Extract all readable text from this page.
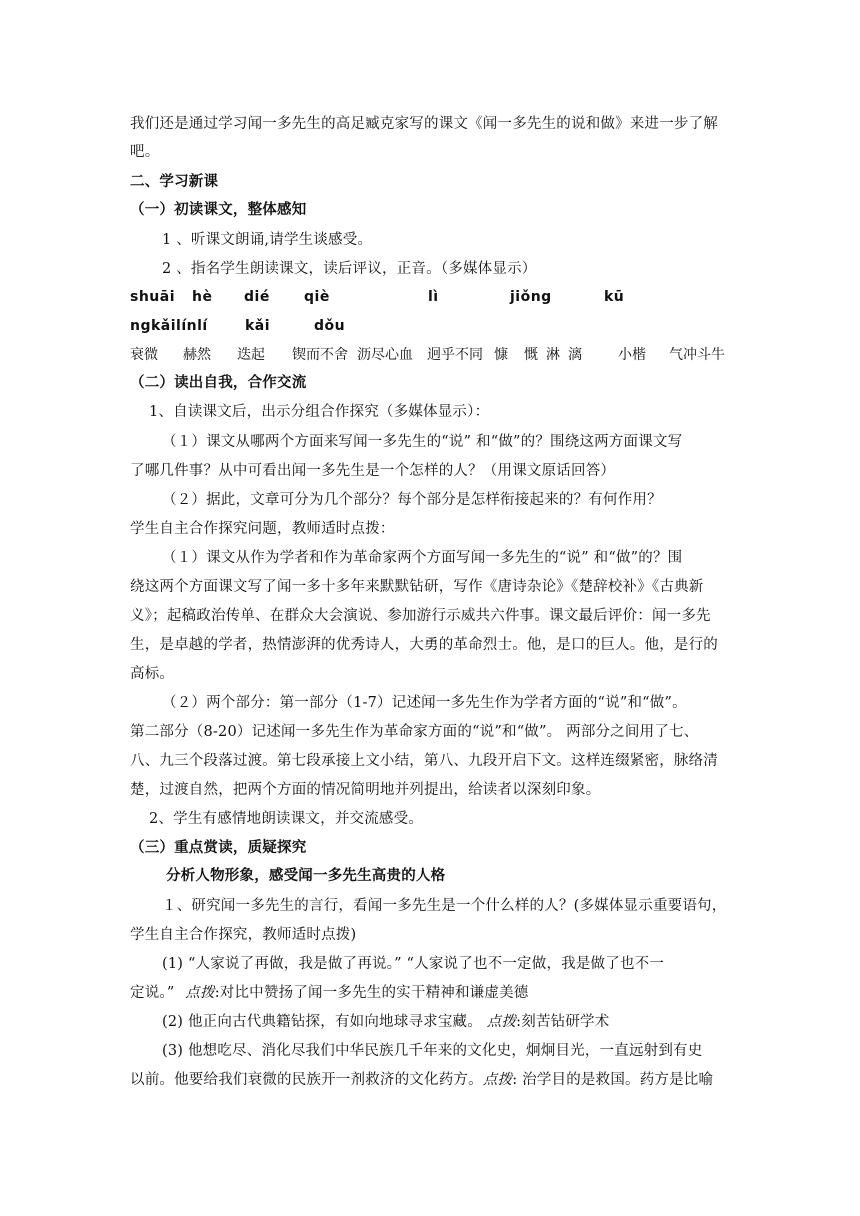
我们还是通过学习闻一多先生的高足臧克家写的课文《闻一多先生的说和做》来进一步了解
吧。
二、学习新课
（一）初读课文，整体感知
1 、听课文朗诵,请学生谈感受。
2 、指名学生朗读课文，读后评议，正音。（多媒体显示）
shuāi hè dié qiè	lì	jiǒng	kū
ngkǎilínlí	kǎi	dǒu
衰微 赫然 迭起 锲而不舍 沥尽心血 迥乎不同 慷 慨 淋 漓	小楷 气冲斗牛
（二）读出自我，合作交流
1、自读课文后，出示分组合作探究（多媒体显示）：
（１）课文从哪两个方面来写闻一多先生的“说” 和“做”的？围绕这两方面课文写
了哪几件事？从中可看出闻一多先生是一个怎样的人？（用课文原话回答）
（２）据此，文章可分为几个部分？每个部分是怎样衔接起来的？有何作用？
学生自主合作探究问题，教师适时点拨：
（１）课文从作为学者和作为革命家两个方面写闻一多先生的“说” 和“做”的？围
绕这两个方面课文写了闻一多十多年来默默钻研，写作《唐诗杂论》《楚辞校补》《古典新
义》；起稿政治传单、在群众大会演说、参加游行示威共六件事。课文最后评价：闻一多先
生，是卓越的学者，热情澎湃的优秀诗人，大勇的革命烈士。他，是口的巨人。他，是行的
高标。
（２）两个部分：第一部分（1-7）记述闻一多先生作为学者方面的“说”和“做”。
第二部分（8-20）记述闻一多先生作为革命家方面的“说”和“做”。 两部分之间用了七、
八、九三个段落过渡。第七段承接上文小结，第八、九段开启下文。这样连缀紧密，脉络清
楚，过渡自然，把两个方面的情况简明地并列提出，给读者以深刻印象。
2、学生有感情地朗读课文，并交流感受。
（三）重点赏读，质疑探究
分析人物形象，感受闻一多先生高贵的人格
１、研究闻一多先生的言行，看闻一多先生是一个什么样的人？(多媒体显示重要语句，
学生自主合作探究，教师适时点拨)
(1) “人家说了再做，我是做了再说。” “人家说了也不一定做，我是做了也不一
定说。” 点拨:对比中赞扬了闻一多先生的实干精神和谦虚美德
(2) 他正向古代典籍钻探，有如向地球寻求宝藏。 点拨:刻苦钻研学术
(3) 他想吃尽、消化尽我们中华民族几千年来的文化史，炯炯目光，一直远射到有史
以前。他要给我们衰微的民族开一剂救济的文化药方。点拨: 治学目的是救国。药方是比喻
